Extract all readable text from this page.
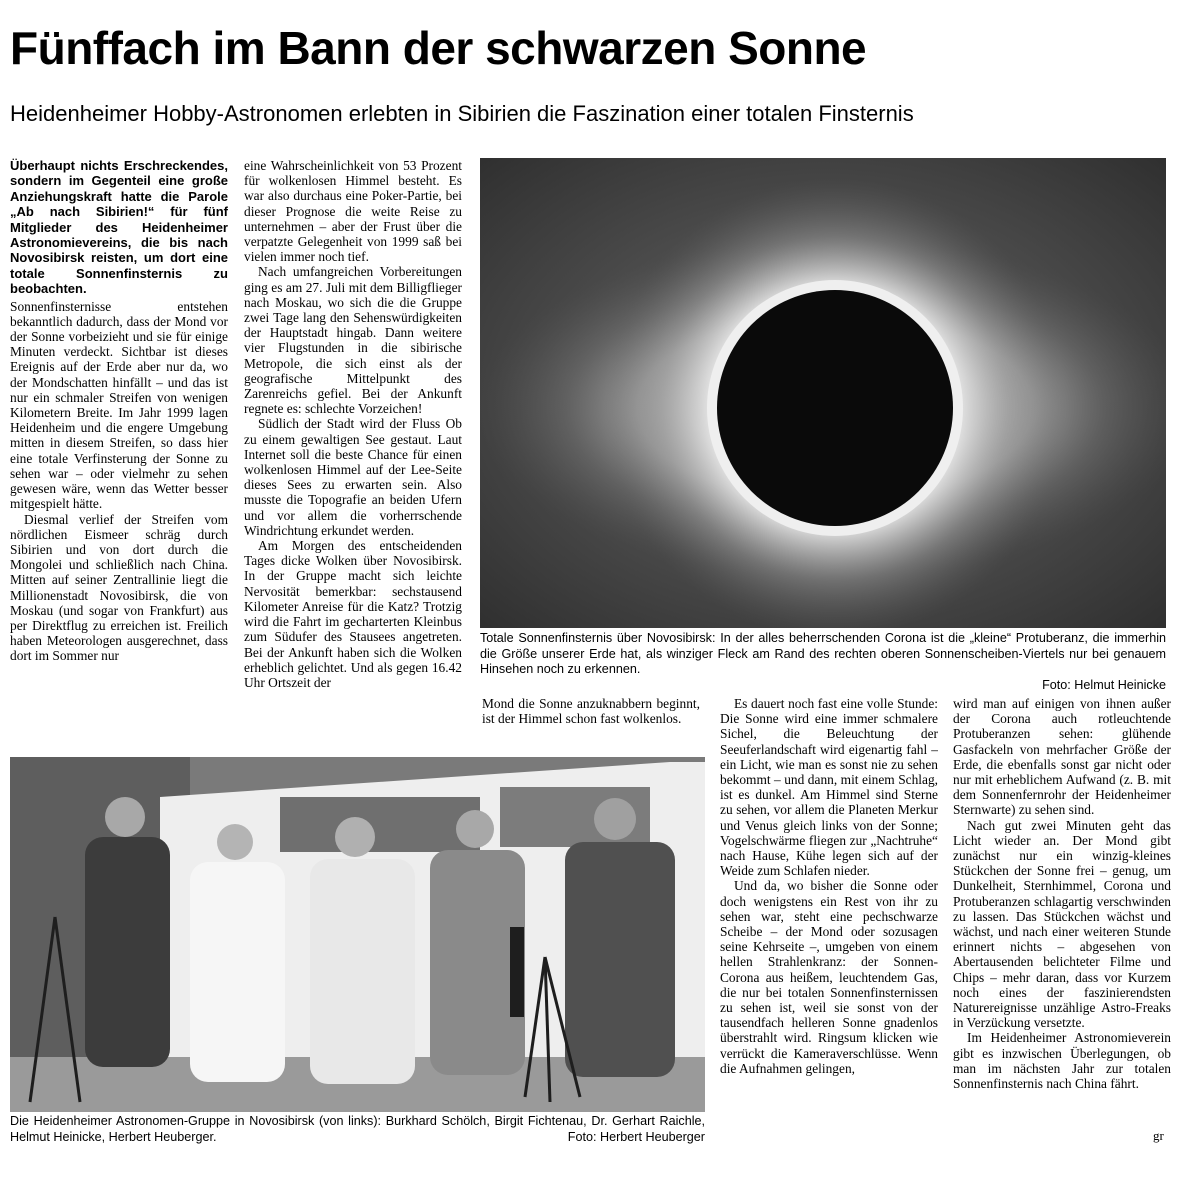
Fünffach im Bann der schwarzen Sonne
Heidenheimer Hobby-Astronomen erlebten in Sibirien die Faszination einer totalen Finsternis

Überhaupt nichts Erschreckendes, sondern im Gegenteil eine große Anziehungskraft hatte die Parole „Ab nach Sibirien!“ für fünf Mitglieder des Heidenheimer Astronomievereins, die bis nach Novosibirsk reisten, um dort eine totale Sonnenfinsternis zu beobachten.

Sonnenfinsternisse entstehen bekanntlich dadurch, dass der Mond vor der Sonne vorbeizieht und sie für einige Minuten verdeckt. Sichtbar ist dieses Ereignis auf der Erde aber nur da, wo der Mondschatten hinfällt – und das ist nur ein schmaler Streifen von wenigen Kilometern Breite. Im Jahr 1999 lagen Heidenheim und die engere Umgebung mitten in diesem Streifen, so dass hier eine totale Verfinsterung der Sonne zu sehen war – oder vielmehr zu sehen gewesen wäre, wenn das Wetter besser mitgespielt hätte.

Diesmal verlief der Streifen vom nördlichen Eismeer schräg durch Sibirien und von dort durch die Mongolei und schließlich nach China. Mitten auf seiner Zentrallinie liegt die Millionenstadt Novosibirsk, die von Moskau (und sogar von Frankfurt) aus per Direktflug zu erreichen ist. Freilich haben Meteorologen ausgerechnet, dass dort im Sommer nur

eine Wahrscheinlichkeit von 53 Prozent für wolkenlosen Himmel besteht. Es war also durchaus eine Poker-Partie, bei dieser Prognose die weite Reise zu unternehmen – aber der Frust über die verpatzte Gelegenheit von 1999 saß bei vielen immer noch tief.

Nach umfangreichen Vorbereitungen ging es am 27. Juli mit dem Billigflieger nach Moskau, wo sich die die Gruppe zwei Tage lang den Sehenswürdigkeiten der Hauptstadt hingab. Dann weitere vier Flugstunden in die sibirische Metropole, die sich einst als der geografische Mittelpunkt des Zarenreichs gefiel. Bei der Ankunft regnete es: schlechte Vorzeichen!

Südlich der Stadt wird der Fluss Ob zu einem gewaltigen See gestaut. Laut Internet soll die beste Chance für einen wolkenlosen Himmel auf der Lee-Seite dieses Sees zu erwarten sein. Also musste die Topografie an beiden Ufern und vor allem die vorherrschende Windrichtung erkundet werden.

Am Morgen des entscheidenden Tages dicke Wolken über Novosibirsk. In der Gruppe macht sich leichte Nervosität bemerkbar: sechstausend Kilometer Anreise für die Katz? Trotzig wird die Fahrt im gecharterten Kleinbus zum Südufer des Stausees angetreten. Bei der Ankunft haben sich die Wolken erheblich gelichtet. Und als gegen 16.42 Uhr Ortszeit der

Totale Sonnenfinsternis über Novosibirsk: In der alles beherrschenden Corona ist die „kleine“ Protuberanz, die immerhin die Größe unserer Erde hat, als winziger Fleck am Rand des rechten oberen Sonnenscheiben-Viertels nur bei genauem Hinsehen noch zu erkennen.
Foto: Helmut Heinicke

Mond die Sonne anzuknabbern beginnt, ist der Himmel schon fast wolkenlos.

Es dauert noch fast eine volle Stunde: Die Sonne wird eine immer schmalere Sichel, die Beleuchtung der Seeuferlandschaft wird eigenartig fahl – ein Licht, wie man es sonst nie zu sehen bekommt – und dann, mit einem Schlag, ist es dunkel. Am Himmel sind Sterne zu sehen, vor allem die Planeten Merkur und Venus gleich links von der Sonne; Vogelschwärme fliegen zur „Nachtruhe“ nach Hause, Kühe legen sich auf der Weide zum Schlafen nieder.

Und da, wo bisher die Sonne oder doch wenigstens ein Rest von ihr zu sehen war, steht eine pechschwarze Scheibe – der Mond oder sozusagen seine Kehrseite –, umgeben von einem hellen Strahlenkranz: der Sonnen-Corona aus heißem, leuchtendem Gas, die nur bei totalen Sonnenfinsternissen zu sehen ist, weil sie sonst von der tausendfach helleren Sonne gnadenlos überstrahlt wird. Ringsum klicken wie verrückt die Kameraverschlüsse. Wenn die Aufnahmen gelingen,

wird man auf einigen von ihnen außer der Corona auch rotleuchtende Protuberanzen sehen: glühende Gasfackeln von mehrfacher Größe der Erde, die ebenfalls sonst gar nicht oder nur mit erheblichem Aufwand (z. B. mit dem Sonnenfernrohr der Heidenheimer Sternwarte) zu sehen sind.

Nach gut zwei Minuten geht das Licht wieder an. Der Mond gibt zunächst nur ein winzig-kleines Stückchen der Sonne frei – genug, um Dunkelheit, Sternhimmel, Corona und Protuberanzen schlagartig verschwinden zu lassen. Das Stückchen wächst und wächst, und nach einer weiteren Stunde erinnert nichts – abgesehen von Abertausenden belichteter Filme und Chips – mehr daran, dass vor Kurzem noch eines der faszinierendsten Naturereignisse unzählige Astro-Freaks in Verzückung versetzte.

Im Heidenheimer Astronomieverein gibt es inzwischen Überlegungen, ob man im nächsten Jahr zur totalen Sonnenfinsternis nach China fährt.

gr
Die Heidenheimer Astronomen-Gruppe in Novosibirsk (von links): Burkhard Schölch, Birgit Fichtenau, Dr. Gerhart Raichle, Helmut Heinicke, Herbert Heuberger.	Foto: Herbert Heuberger
